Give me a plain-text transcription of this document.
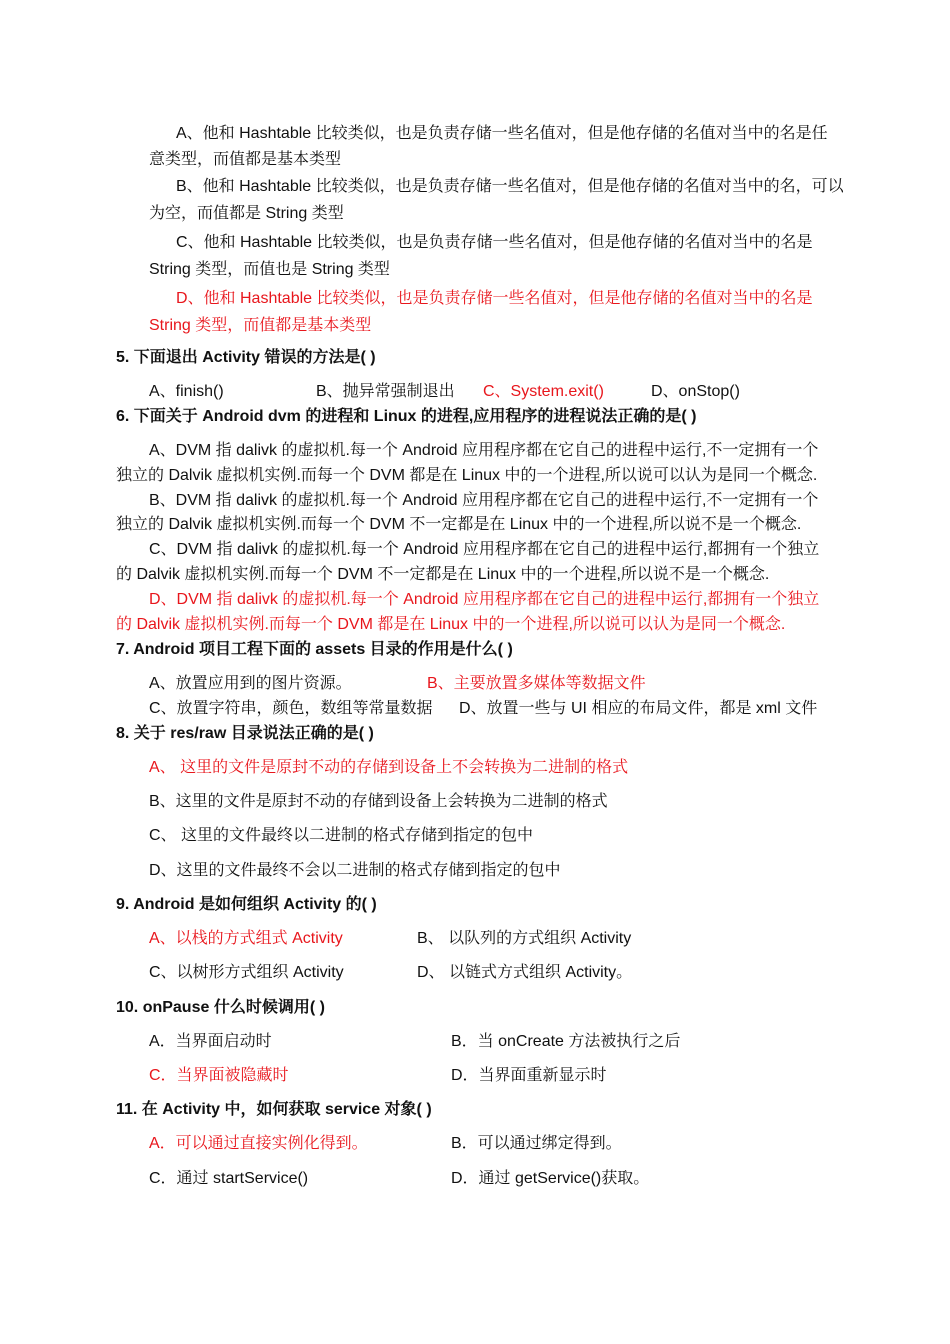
A、他和 Hashtable 比较类似，也是负责存储一些名值对，但是他存储的名值对当中的名是任
意类型，而值都是基本类型
B、他和 Hashtable 比较类似，也是负责存储一些名值对，但是他存储的名值对当中的名，可以
为空，而值都是 String 类型
C、他和 Hashtable 比较类似，也是负责存储一些名值对，但是他存储的名值对当中的名是
String 类型，而值也是 String 类型
D、他和 Hashtable 比较类似，也是负责存储一些名值对，但是他存储的名值对当中的名是
String 类型，而值都是基本类型
5. 下面退出 Activity 错误的方法是( )
A、finish()	B、抛异常强制退出 C、System.exit()	D、onStop()
6. 下面关于 Android dvm 的进程和 Linux 的进程,应用程序的进程说法正确的是( )
A、DVM 指 dalivk 的虚拟机.每一个 Android 应用程序都在它自己的进程中运行,不一定拥有一个
独立的 Dalvik 虚拟机实例.而每一个 DVM 都是在 Linux 中的一个进程,所以说可以认为是同一个概念.
B、DVM 指 dalivk 的虚拟机.每一个 Android 应用程序都在它自己的进程中运行,不一定拥有一个
独立的 Dalvik 虚拟机实例.而每一个 DVM 不一定都是在 Linux 中的一个进程,所以说不是一个概念.
C、DVM 指 dalivk 的虚拟机.每一个 Android 应用程序都在它自己的进程中运行,都拥有一个独立
的 Dalvik 虚拟机实例.而每一个 DVM 不一定都是在 Linux 中的一个进程,所以说不是一个概念.
D、DVM 指 dalivk 的虚拟机.每一个 Android 应用程序都在它自己的进程中运行,都拥有一个独立
的 Dalvik 虚拟机实例.而每一个 DVM 都是在 Linux 中的一个进程,所以说可以认为是同一个概念.
7. Android 项目工程下面的 assets 目录的作用是什么( )
A、放置应用到的图片资源。	B、主要放置多媒体等数据文件
C、放置字符串，颜色，数组等常量数据 D、放置一些与 UI 相应的布局文件，都是 xml 文件
8. 关于 res/raw 目录说法正确的是( )
A、 这里的文件是原封不动的存储到设备上不会转换为二进制的格式
B、这里的文件是原封不动的存储到设备上会转换为二进制的格式
C、 这里的文件最终以二进制的格式存储到指定的包中
D、这里的文件最终不会以二进制的格式存储到指定的包中
9. Android 是如何组织 Activity 的( )
A、以栈的方式组式 Activity	B、 以队列的方式组织 Activity
C、以树形方式组织 Activity	D、 以链式方式组织 Activity。
10. onPause 什么时候调用( )
A．当界面启动时	B．当 onCreate 方法被执行之后
C．当界面被隐藏时	D．当界面重新显示时
11. 在 Activity 中，如何获取 service 对象( )
A．可以通过直接实例化得到。	B．可以通过绑定得到。
C．通过 startService()	D．通过 getService()获取。
